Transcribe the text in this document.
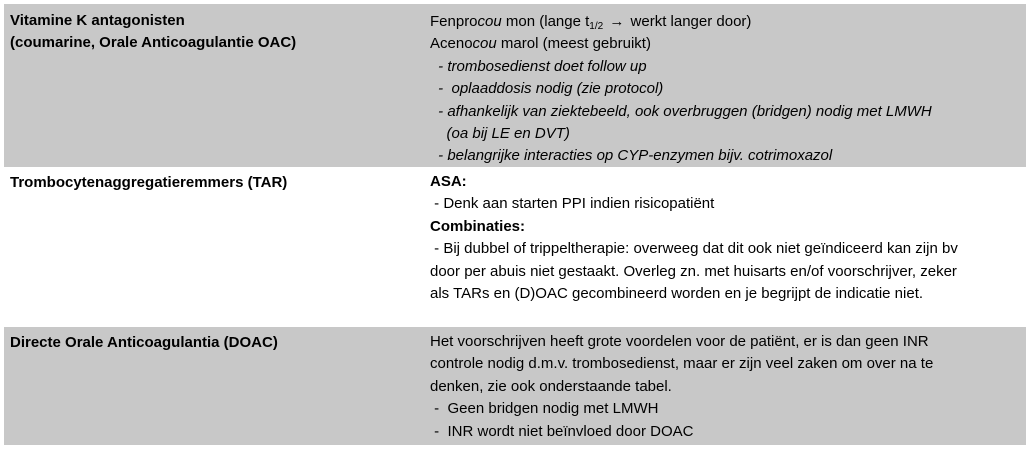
Vitamine K antagonisten
(coumarine, Orale Anticoagulantie OAC)
Fenprocou mon (lange $t_{1/2}$ → werkt langer door)
Acenocou marol (meest gebruikt)
- trombosedienst doet follow up
-  oplaaddosis nodig (zie protocol)
- afhankelijk van ziektebeeld, ook overbruggen (bridgen) nodig met LMWH
(oa bij LE en DVT)
- belangrijke interacties op CYP-enzymen bijv. cotrimoxazol
Trombocytenaggregatieremmers (TAR)	ASA:
- Denk aan starten PPI indien risicopatiënt
Combinaties:
- Bij dubbel of trippeltherapie: overweeg dat dit ook niet geïndiceerd kan zijn bv
door per abuis niet gestaakt. Overleg zn. met huisarts en/of voorschrijver, zeker
als TARs en (D)OAC gecombineerd worden en je begrijpt de indicatie niet.
Directe Orale Anticoagulantia (DOAC)	Het voorschrijven heeft grote voordelen voor de patiënt, er is dan geen INR
controle nodig d.m.v. trombosedienst, maar er zijn veel zaken om over na te
denken, zie ook onderstaande tabel.
-  Geen bridgen nodig met LMWH
-  INR wordt niet beïnvloed door DOAC
